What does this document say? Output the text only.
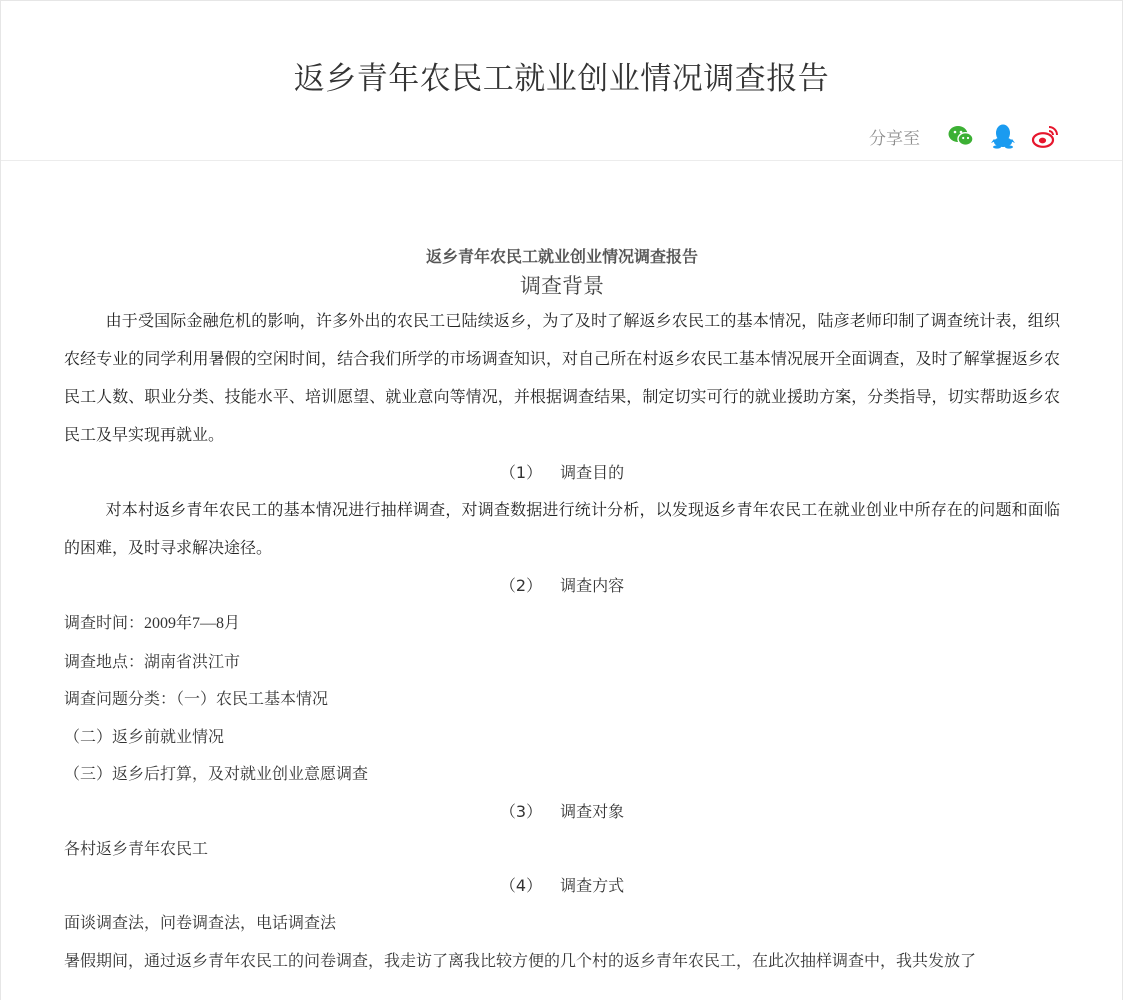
返乡青年农民工就业创业情况调查报告
分享至
返乡青年农民工就业创业情况调查报告
调查背景

由于受国际金融危机的影响，许多外出的农民工已陆续返乡，为了及时了解返乡农民工的基本情况，陆彦老师印制了调查统计表，组织农经专业的同学利用暑假的空闲时间，结合我们所学的市场调查知识，对自己所在村返乡农民工基本情况展开全面调查，及时了解掌握返乡农民工人数、职业分类、技能水平、培训愿望、就业意向等情况，并根据调查结果，制定切实可行的就业援助方案，分类指导，切实帮助返乡农民工及早实现再就业。

（1） 调查目的

对本村返乡青年农民工的基本情况进行抽样调查，对调查数据进行统计分析，以发现返乡青年农民工在就业创业中所存在的问题和面临的困难，及时寻求解决途径。

（2） 调查内容

调查时间：2009年7—8月

调查地点：湖南省洪江市

调查问题分类：（一）农民工基本情况

（二）返乡前就业情况

（三）返乡后打算，及对就业创业意愿调查

（3） 调查对象

各村返乡青年农民工

（4） 调查方式

面谈调查法，问卷调查法，电话调查法

暑假期间，通过返乡青年农民工的问卷调查，我走访了离我比较方便的几个村的返乡青年农民工，在此次抽样调查中，我共发放了
